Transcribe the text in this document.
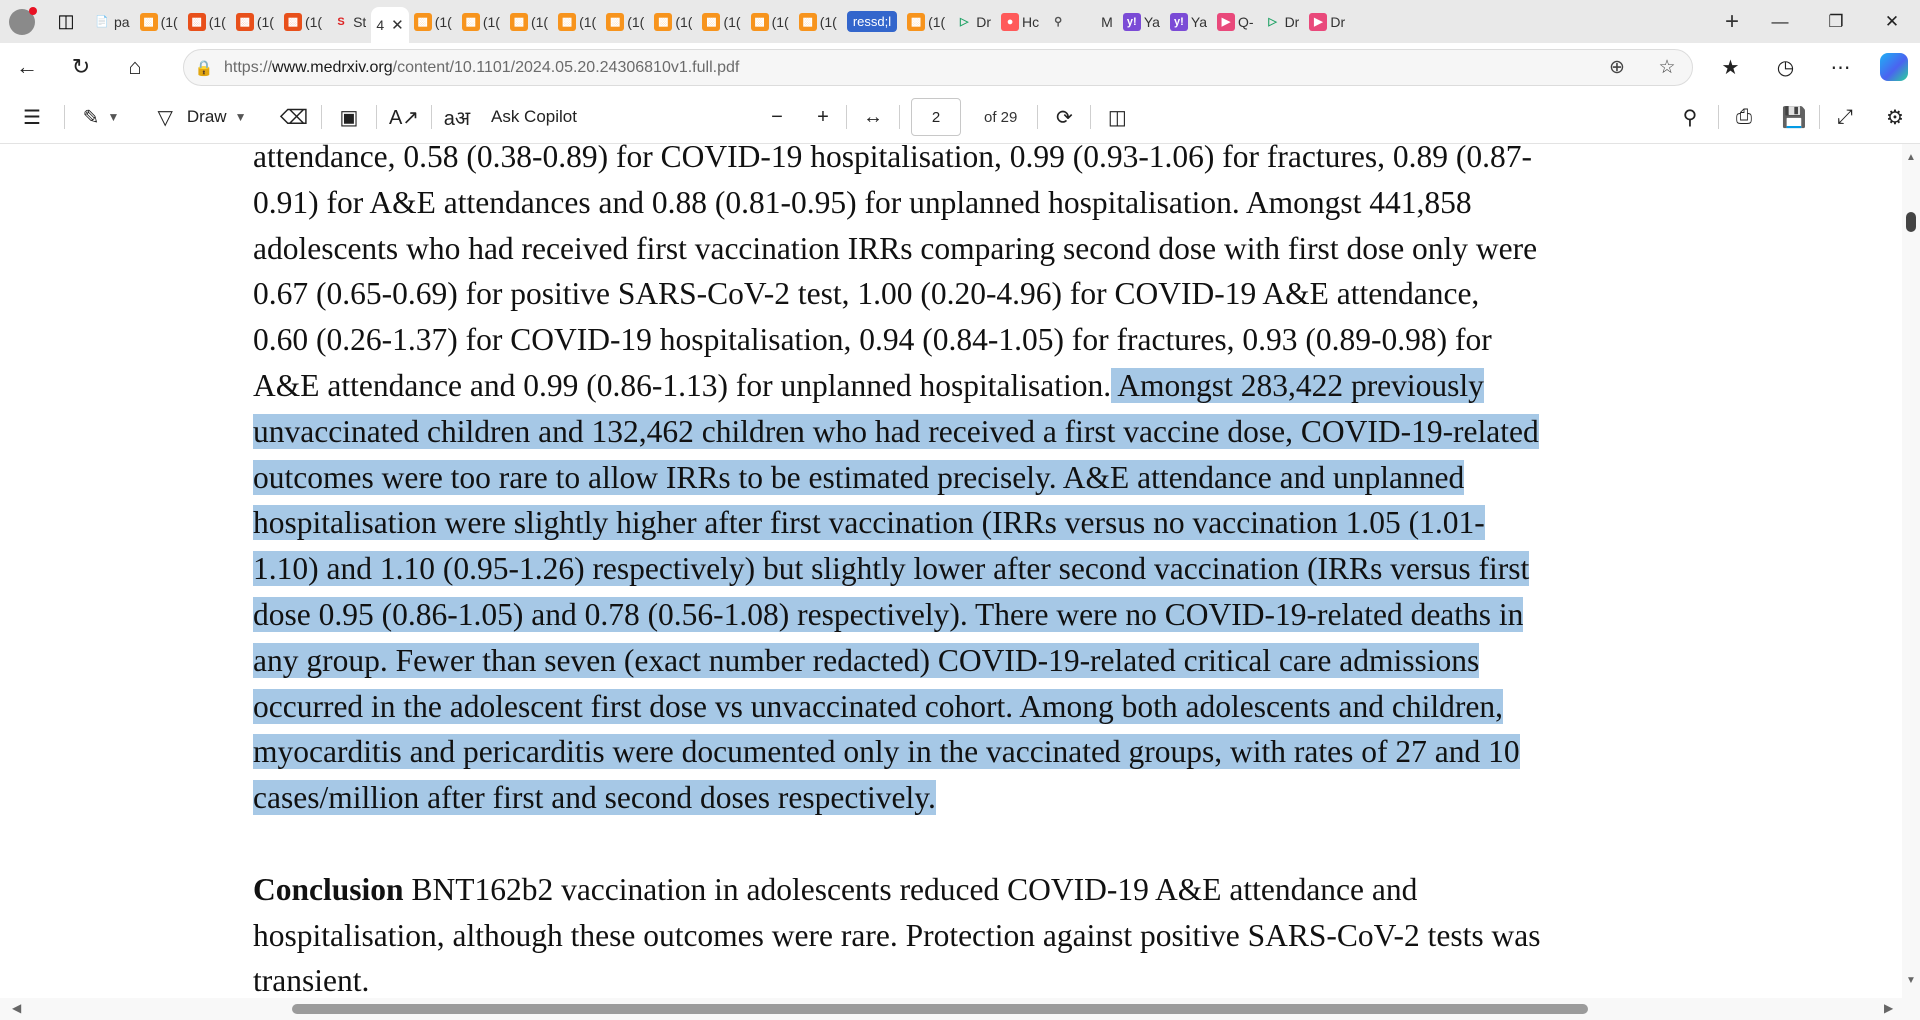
◫ 📄 pa	▩ (1(	▩ (1(	▩ (1(	▩ (1(	S St 4 ✕	▩ (1(	▩ (1(	▩ (1(	▩ (1(	▩ (1(	▩ (1(	▩ (1(	▩ (1(	▩ (1(	ressd;l	▩ (1(	▷ Dr	● Hc	⚲	M	y! Ya	y! Ya	▶ Q-	▷ Dr	▶ Dr	+	—	❐	✕
← ↻ ⌂	🔒 https://www.medrxiv.org/content/10.1101/2024.05.20.24306810v1.full.pdf	⊕	☆	★	◷	⋯
☰ ✎ ▼ ▽ Draw ▼ ⌫ ▣ A↗ aअ Ask Copilot	− + ↔	2	of 29 ⟳ ◫	⚲ ⎙ 💾 ⤢ ⚙

attendance, 0.58 (0.38-0.89) for COVID-19 hospitalisation, 0.99 (0.93-1.06) for fractures, 0.89 (0.87-

0.91) for A&E attendances and 0.88 (0.81-0.95) for unplanned hospitalisation. Amongst 441,858

adolescents who had received first vaccination IRRs comparing second dose with first dose only were

0.67 (0.65-0.69) for positive SARS-CoV-2 test, 1.00 (0.20-4.96) for COVID-19 A&E attendance,

0.60 (0.26-1.37) for COVID-19 hospitalisation, 0.94 (0.84-1.05) for fractures, 0.93 (0.89-0.98) for

A&E attendance and 0.99 (0.86-1.13) for unplanned hospitalisation. Amongst 283,422 previously

unvaccinated children and 132,462 children who had received a first vaccine dose, COVID-19-related

outcomes were too rare to allow IRRs to be estimated precisely. A&E attendance and unplanned

hospitalisation were slightly higher after first vaccination (IRRs versus no vaccination 1.05 (1.01-

1.10) and 1.10 (0.95-1.26) respectively) but slightly lower after second vaccination (IRRs versus first

dose 0.95 (0.86-1.05) and 0.78 (0.56-1.08) respectively). There were no COVID-19-related deaths in

any group. Fewer than seven (exact number redacted) COVID-19-related critical care admissions

occurred in the adolescent first dose vs unvaccinated cohort. Among both adolescents and children,

myocarditis and pericarditis were documented only in the vaccinated groups, with rates of 27 and 10

cases/million after first and second doses respectively.

Conclusion BNT162b2 vaccination in adolescents reduced COVID-19 A&E attendance and

hospitalisation, although these outcomes were rare. Protection against positive SARS-CoV-2 tests was

transient.

▲
▼
◀	▶
